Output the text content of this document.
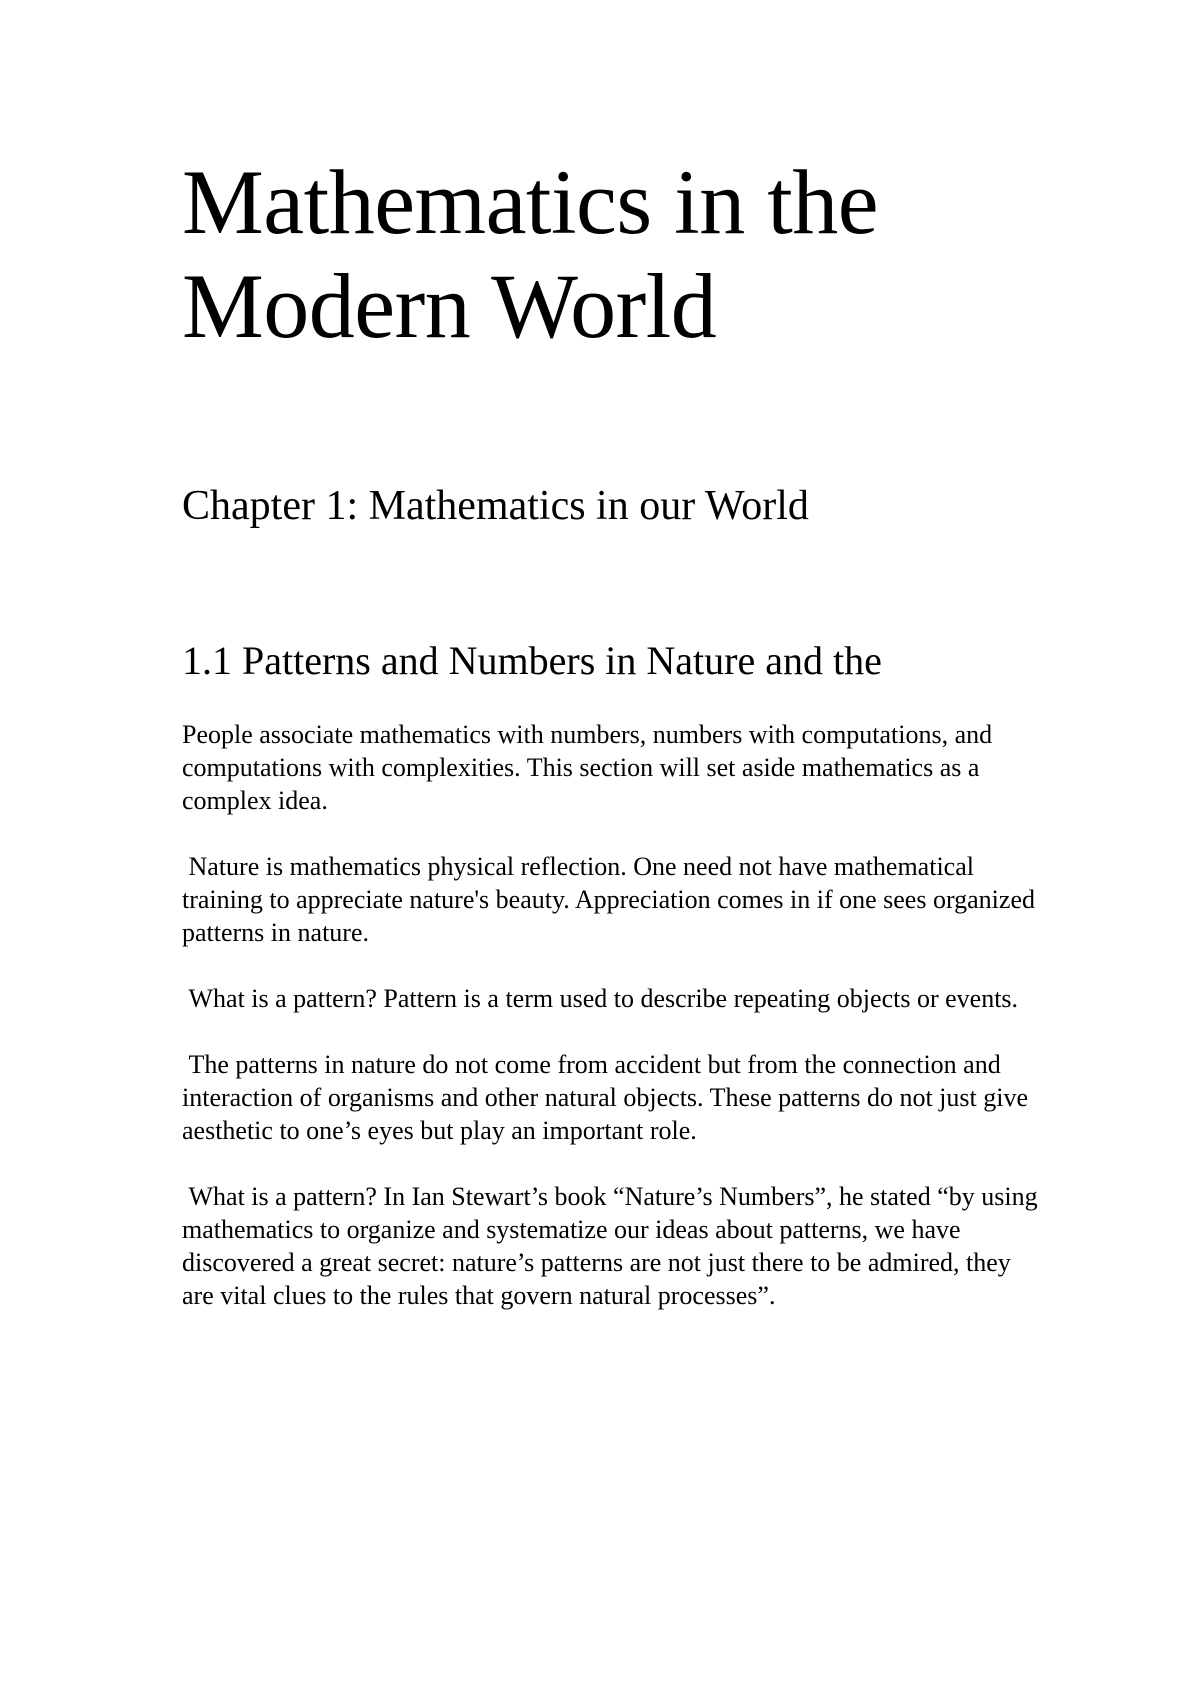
Mathematics in the Modern World
Chapter 1: Mathematics in our World
1.1 Patterns and Numbers in Nature and the

People associate mathematics with numbers, numbers with computations, and computations with complexities. This section will set aside mathematics as a complex idea.

Nature is mathematics physical reflection. One need not have mathematical training to appreciate nature's beauty. Appreciation comes in if one sees organized patterns in nature.

What is a pattern? Pattern is a term used to describe repeating objects or events.

The patterns in nature do not come from accident but from the connection and interaction of organisms and other natural objects. These patterns do not just give aesthetic to one’s eyes but play an important role.

What is a pattern? In Ian Stewart’s book “Nature’s Numbers”, he stated “by using mathematics to organize and systematize our ideas about patterns, we have discovered a great secret: nature’s patterns are not just there to be admired, they are vital clues to the rules that govern natural processes”.
